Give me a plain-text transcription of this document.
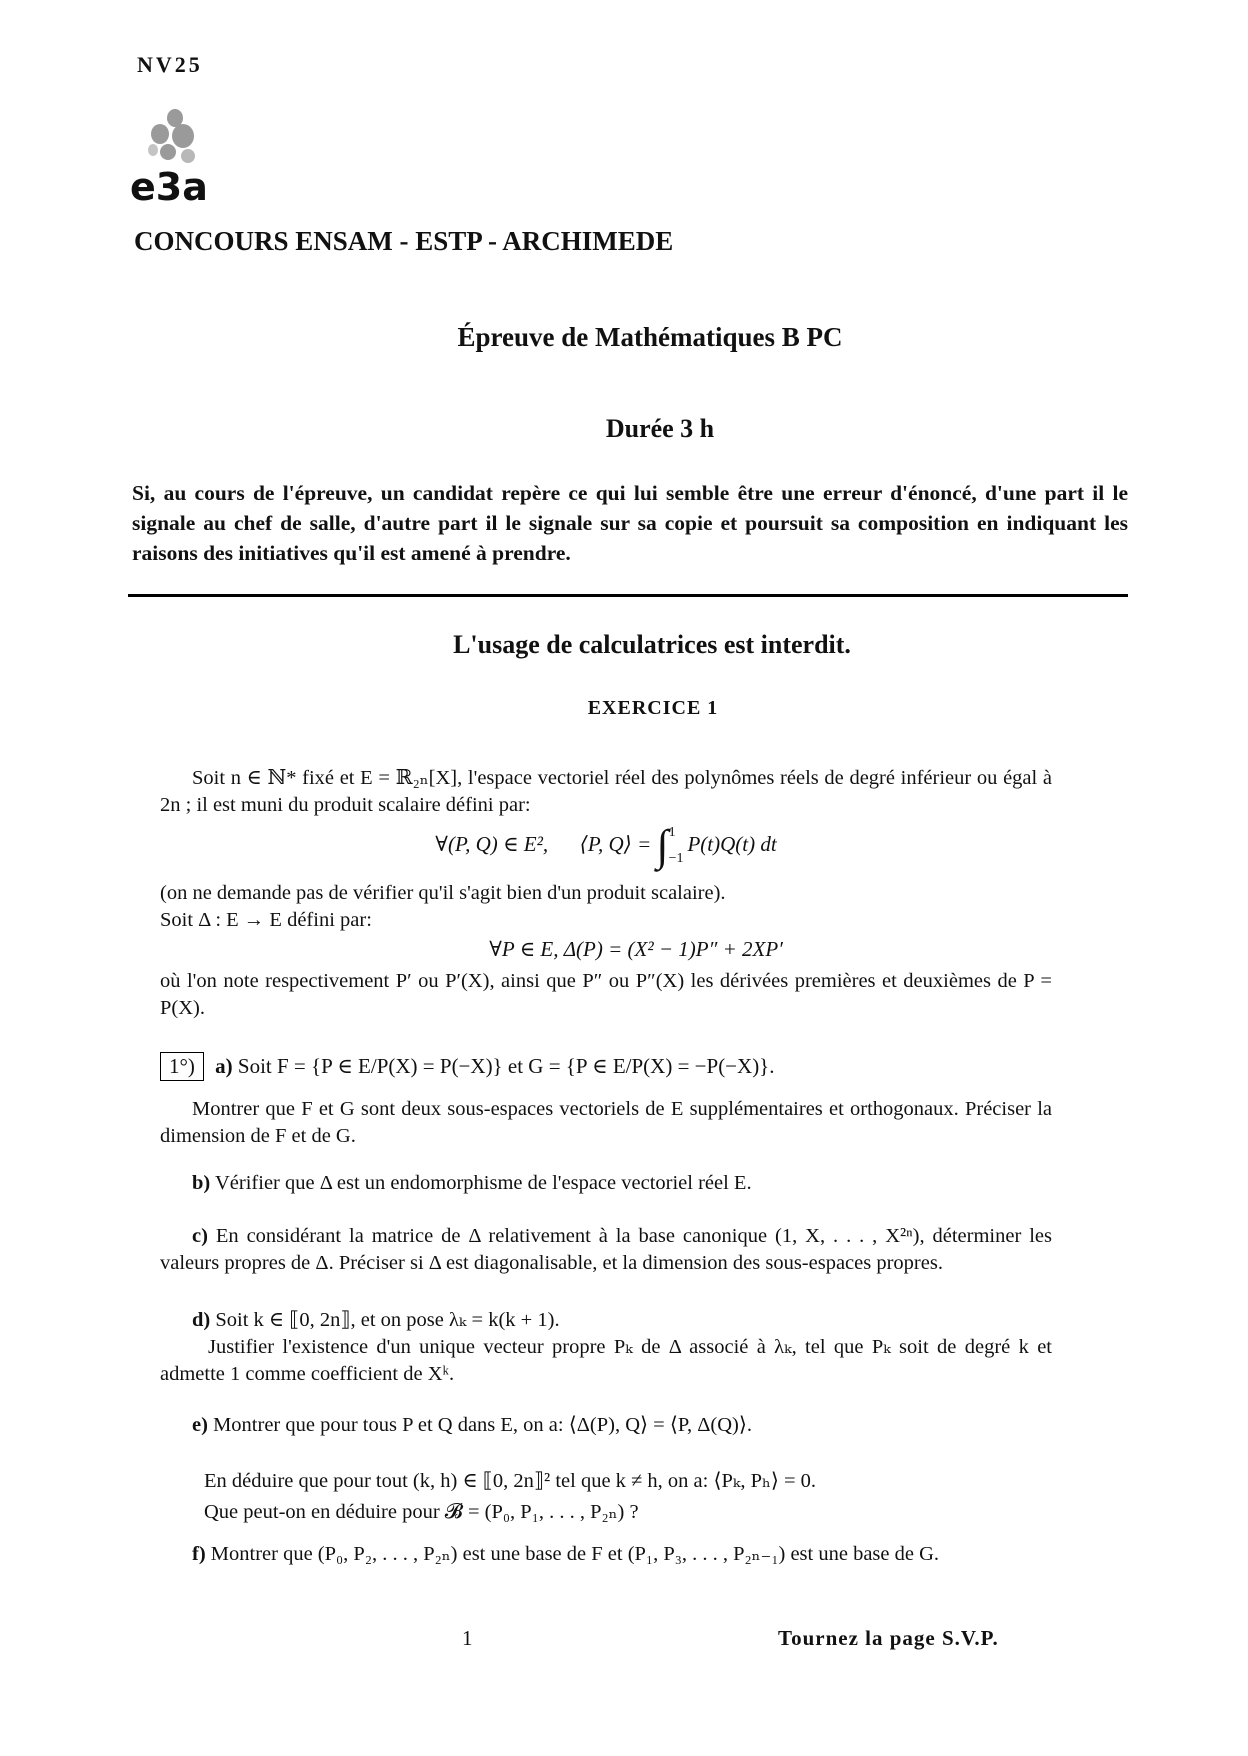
NV25
e3a
CONCOURS ENSAM - ESTP - ARCHIMEDE
Épreuve de Mathématiques B PC
Durée 3 h
Si, au cours de l'épreuve, un candidat repère ce qui lui semble être une erreur d'énoncé, d'une part il le signale au chef de salle, d'autre part il le signale sur sa copie et poursuit sa composition en indiquant les raisons des initiatives qu'il est amené à prendre.
L'usage de calculatrices est interdit.
EXERCICE 1

Soit n ∈ ℕ* fixé et E = ℝ₂ₙ[X], l'espace vectoriel réel des polynômes réels de degré inférieur ou égal à 2n ; il est muni du produit scalaire défini par:

∀(P, Q) ∈ E², ⟨P, Q⟩ = ∫ 1
−1
P(t)Q(t) dt

(on ne demande pas de vérifier qu'il s'agit bien d'un produit scalaire).

Soit Δ : E → E défini par:

∀P ∈ E, Δ(P) = (X² − 1)P″ + 2XP′

où l'on note respectivement P′ ou P′(X), ainsi que P″ ou P″(X) les dérivées premières et deuxièmes de P = P(X).

1°) a) Soit F = {P ∈ E/P(X) = P(−X)} et G = {P ∈ E/P(X) = −P(−X)}.

Montrer que F et G sont deux sous-espaces vectoriels de E supplémentaires et orthogonaux. Préciser la dimension de F et de G.

b) Vérifier que Δ est un endomorphisme de l'espace vectoriel réel E.

c) En considérant la matrice de Δ relativement à la base canonique (1, X, . . . , X²ⁿ), déterminer les valeurs propres de Δ. Préciser si Δ est diagonalisable, et la dimension des sous-espaces propres.

d) Soit k ∈ ⟦0, 2n⟧, et on pose λₖ = k(k + 1).

Justifier l'existence d'un unique vecteur propre Pₖ de Δ associé à λₖ, tel que Pₖ soit de degré k et admette 1 comme coefficient de Xᵏ.

e) Montrer que pour tous P et Q dans E, on a: ⟨Δ(P), Q⟩ = ⟨P, Δ(Q)⟩.

En déduire que pour tout (k, h) ∈ ⟦0, 2n⟧² tel que k ≠ h, on a: ⟨Pₖ, Pₕ⟩ = 0.

Que peut-on en déduire pour 𝓑 = (P₀, P₁, . . . , P₂ₙ) ?

f) Montrer que (P₀, P₂, . . . , P₂ₙ) est une base de F et (P₁, P₃, . . . , P₂ₙ₋₁) est une base de G.

1	Tournez la page S.V.P.
